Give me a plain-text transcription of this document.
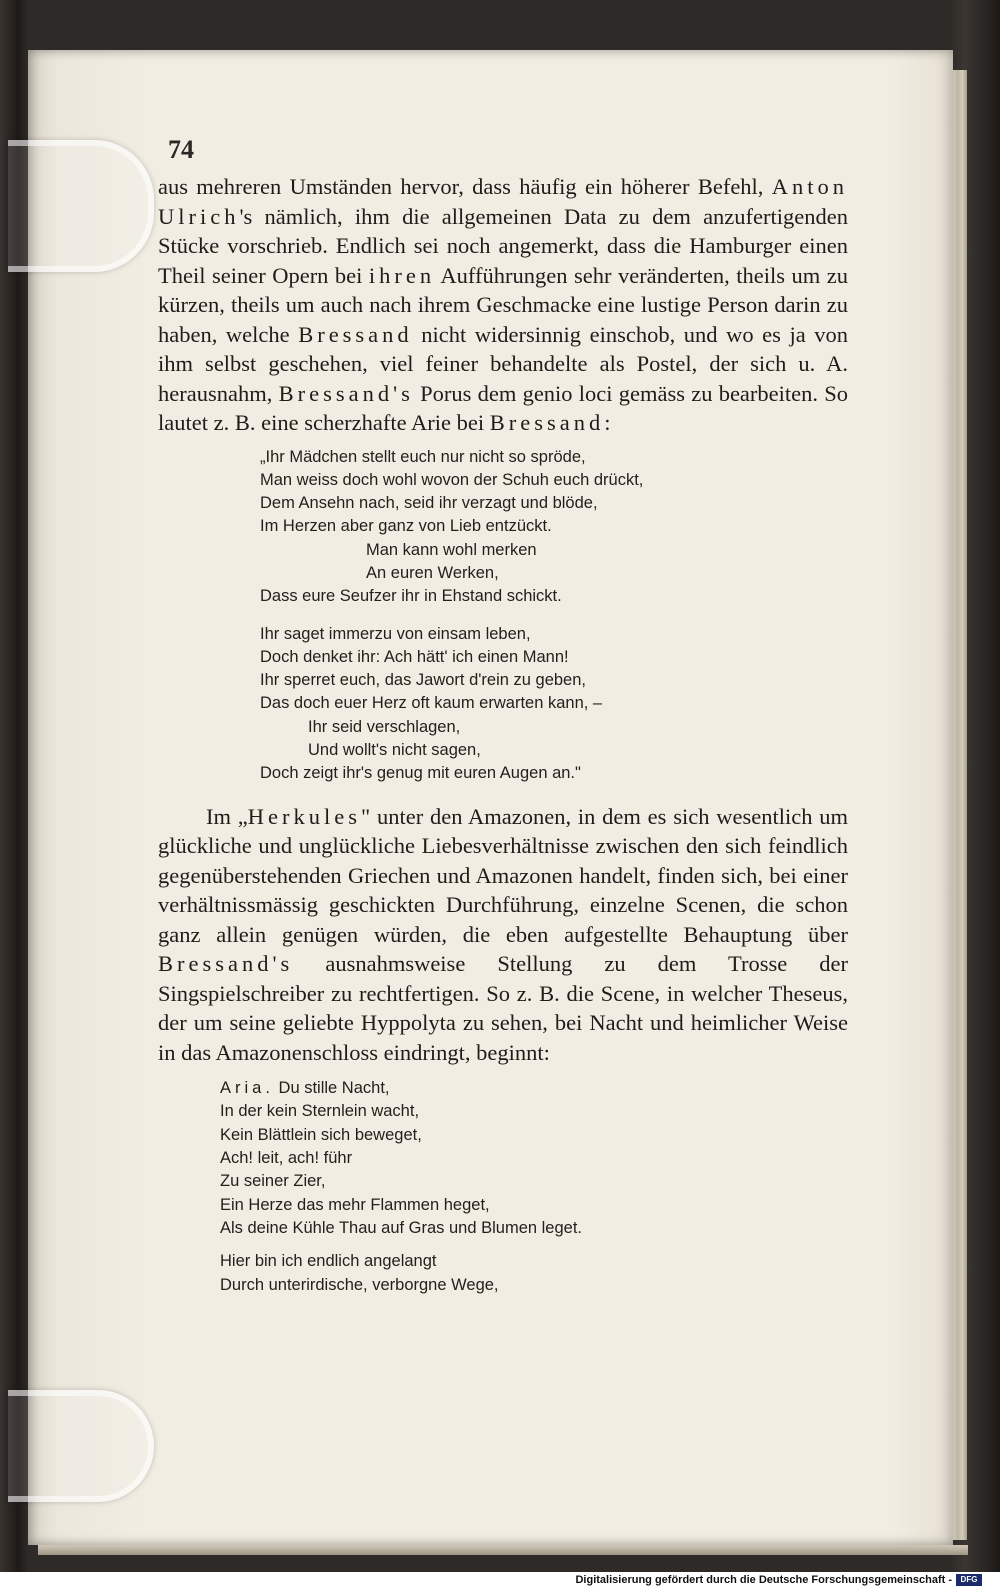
74

aus mehreren Umständen hervor, dass häufig ein höherer Befehl, Anton Ulrich's nämlich, ihm die allgemeinen Data zu dem anzufertigenden Stücke vorschrieb. Endlich sei noch angemerkt, dass die Hamburger einen Theil seiner Opern bei ihren Aufführungen sehr veränderten, theils um zu kürzen, theils um auch nach ihrem Geschmacke eine lustige Person darin zu haben, welche Bressand nicht widersinnig einschob, und wo es ja von ihm selbst geschehen, viel feiner behandelte als Postel, der sich u. A. herausnahm, Bressand's Porus dem genio loci gemäss zu bearbeiten. So lautet z. B. eine scherzhafte Arie bei Bressand:

„Ihr Mädchen stellt euch nur nicht so spröde,

Man weiss doch wohl wovon der Schuh euch drückt,

Dem Ansehn nach, seid ihr verzagt und blöde,

Im Herzen aber ganz von Lieb entzückt.

Man kann wohl merken

An euren Werken,

Dass eure Seufzer ihr in Ehstand schickt.

Ihr saget immerzu von einsam leben,

Doch denket ihr: Ach hätt' ich einen Mann!

Ihr sperret euch, das Jawort d'rein zu geben,

Das doch euer Herz oft kaum erwarten kann, –

Ihr seid verschlagen,

Und wollt's nicht sagen,

Doch zeigt ihr's genug mit euren Augen an."

Im „Herkules" unter den Amazonen, in dem es sich wesentlich um glückliche und unglückliche Liebesverhältnisse zwischen den sich feindlich gegenüberstehenden Griechen und Amazonen handelt, finden sich, bei einer verhältnissmässig geschickten Durchführung, einzelne Scenen, die schon ganz allein genügen würden, die eben aufgestellte Behauptung über Bressand's ausnahmsweise Stellung zu dem Trosse der Singspielschreiber zu rechtfertigen. So z. B. die Scene, in welcher Theseus, der um seine geliebte Hyppolyta zu sehen, bei Nacht und heimlicher Weise in das Amazonenschloss eindringt, beginnt:

Aria. Du stille Nacht,

In der kein Sternlein wacht,

Kein Blättlein sich beweget,

Ach! leit, ach! führ

Zu seiner Zier,

Ein Herze das mehr Flammen heget,

Als deine Kühle Thau auf Gras und Blumen leget.

Hier bin ich endlich angelangt

Durch unterirdische, verborgne Wege,

Digitalisierung gefördert durch die Deutsche Forschungsgemeinschaft -	DFG
